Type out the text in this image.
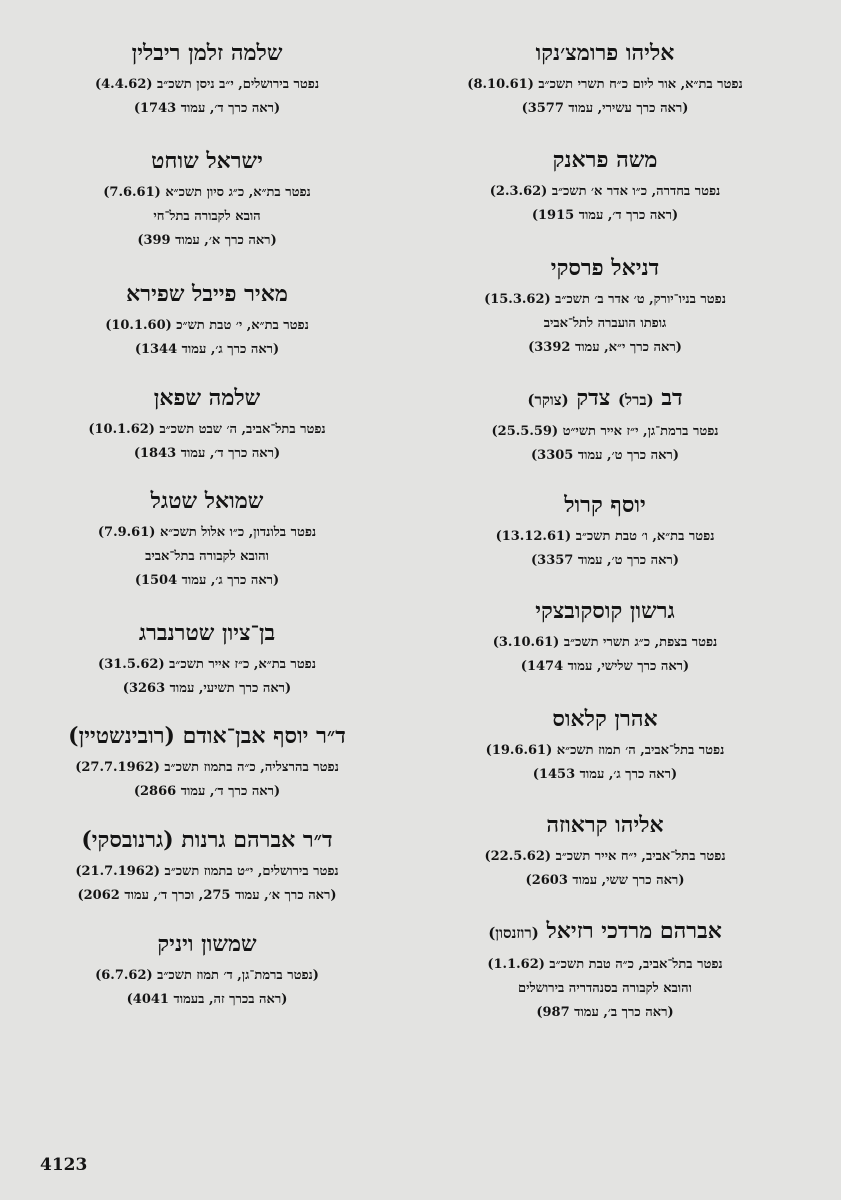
אליהו פרומצ׳נקו
נפטר בת״א, אור ליום כ״ח תשרי תשכ״ב (8.10.61)
(ראה כרך עשירי, עמוד 3577)
משה פראנק
נפטר בחדרה, כ״ו אדר א׳ תשכ״ב (2.3.62)
(ראה כרך ד׳, עמוד 1915)
דניאל פרסקי
נפטר בניו־יורק, ט׳ אדר ב׳ תשכ״ב (15.3.62)
גופתו הועברה לתל־אביב
(ראה כרך י״א, עמוד 3392)
דב (ברל) צדק (צוקר)
נפטר ברמת־גן, י״ז אייר תשי״ט (25.5.59)
(ראה כרך ט׳, עמוד 3305)
יוסף קרול
נפטר בת״א, ו׳ טבת תשכ״ב (13.12.61)
(ראה כרך ט׳, עמוד 3357)
גרשון קוסקובצקי
נפטר בצפת, כ״ג תשרי תשכ״ב (3.10.61)
(ראה כרך שלישי, עמוד 1474)
אהרן קלאוס
נפטר בתל־אביב, ה׳ תמוז תשכ״א (19.6.61)
(ראה כרך ג׳, עמוד 1453)
אליהו קראוזה
נפטר בתל־אביב, י״ח אייר תשכ״ב (22.5.62)
(ראה כרך ששי, עמוד 2603)
אברהם מרדכי רזיאל (רוזנסון)
נפטר בתל־אביב, כ״ה טבת תשכ״ב (1.1.62)
והובא לקבורה בסנהדריה בירושלים
(ראה כרך ב׳, עמוד 987)
שלמה זלמן ריבלין
נפטר בירושלים, י״ב ניסן תשכ״ב (4.4.62)
(ראה כרך ד׳, עמוד 1743)
ישראל שוחט
נפטר בת״א, כ״ג סיון תשכ״א (7.6.61)
הובא לקבורה בתל־חי
(ראה כרך א׳, עמוד 399)
מאיר פייבל שפירא
נפטר בת״א, י׳ טבת תש״כ (10.1.60)
(ראה כרך ג׳, עמוד 1344)
שלמה שפאן
נפטר בתל־אביב, ה׳ שבט תשכ״ב (10.1.62)
(ראה כרך ד׳, עמוד 1843)
שמואל שטגל
נפטר בלונדון, כ״ו אלול תשכ״א (7.9.61)
והובא לקבורה בתל־אביב
(ראה כרך ג׳, עמוד 1504)
בן־ציון שטרנברג
נפטר בת״א, כ״ז אייר תשכ״ב (31.5.62)
(ראה כרך תשיעי, עמוד 3263)
ד״ר יוסף אבן־אודם (רובינשטיין)
נפטר בהרצליה, כ״ה בתמוז תשכ״ב (27.7.1962)
(ראה כרך ד׳, עמוד 2866)
ד״ר אברהם גרנות (גרנובסקי)
נפטר בירושלים, י״ט בתמוז תשכ״ב (21.7.1962)
(ראה כרך א׳, עמוד 275, וכרך ד׳, עמוד 2062)
שמשון ויניק
(נפטר ברמת־גן, ד׳ תמוז תשכ״ב (6.7.62)
(ראה בכרך זה, בעמוד 4041)
4123
